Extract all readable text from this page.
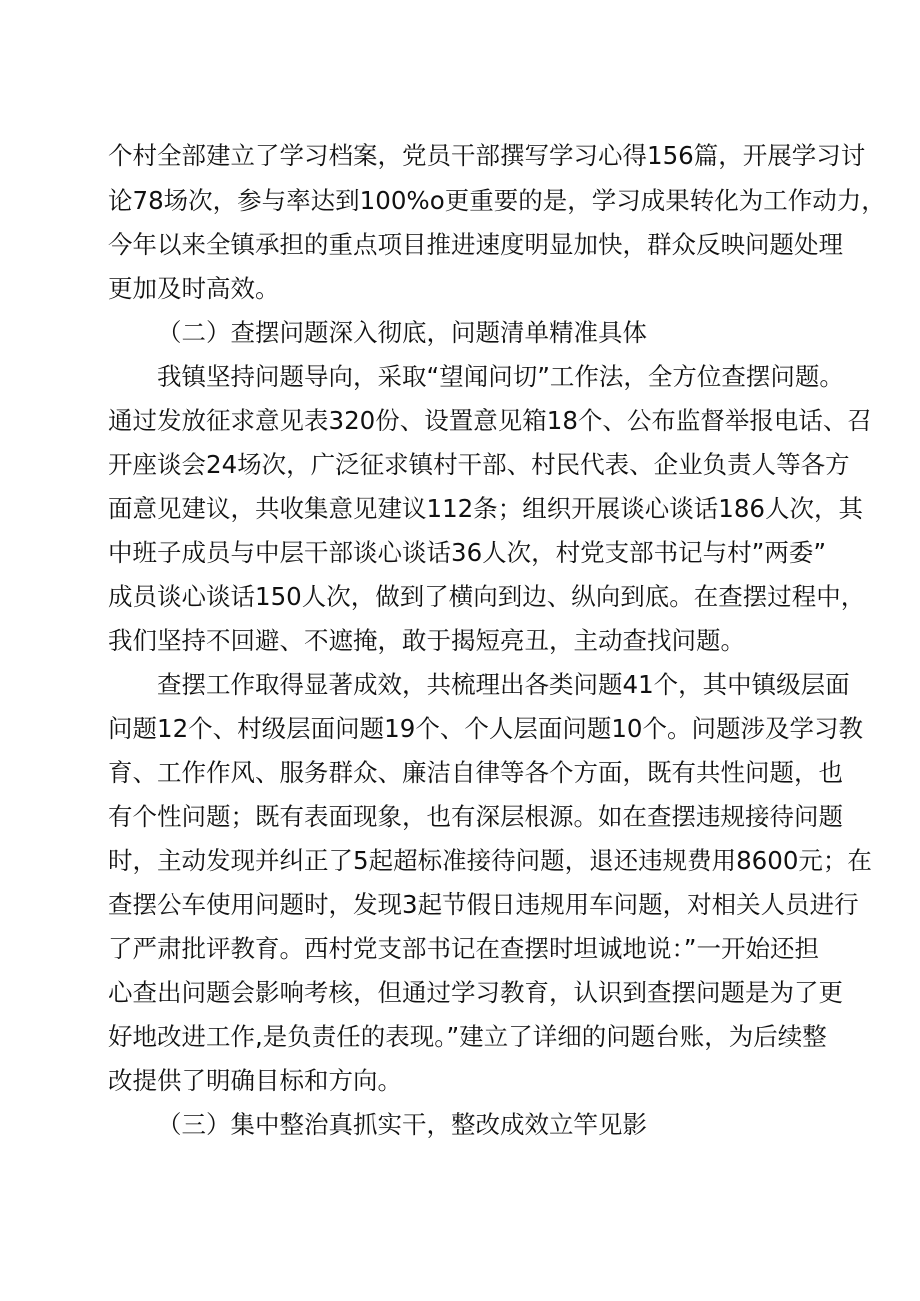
个村全部建立了学习档案，党员干部撰写学习心得156篇，开展学习讨
论78场次，参与率达到100%o更重要的是，学习成果转化为工作动力，
今年以来全镇承担的重点项目推进速度明显加快，群众反映问题处理
更加及时高效。
（二）查摆问题深入彻底，问题清单精准具体
我镇坚持问题导向，采取“望闻问切”工作法，全方位查摆问题。
通过发放征求意见表320份、设置意见箱18个、公布监督举报电话、召
开座谈会24场次，广泛征求镇村干部、村民代表、企业负责人等各方
面意见建议，共收集意见建议112条；组织开展谈心谈话186人次，其
中班子成员与中层干部谈心谈话36人次，村党支部书记与村”两委”
成员谈心谈话150人次，做到了横向到边、纵向到底。在查摆过程中，
我们坚持不回避、不遮掩，敢于揭短亮丑，主动查找问题。
查摆工作取得显著成效，共梳理出各类问题41个，其中镇级层面
问题12个、村级层面问题19个、个人层面问题10个。问题涉及学习教
育、工作作风、服务群众、廉洁自律等各个方面，既有共性问题，也
有个性问题；既有表面现象，也有深层根源。如在查摆违规接待问题
时，主动发现并纠正了5起超标准接待问题，退还违规费用8600元；在
查摆公车使用问题时，发现3起节假日违规用车问题，对相关人员进行
了严肃批评教育。西村党支部书记在查摆时坦诚地说：”一开始还担
心查出问题会影响考核，但通过学习教育，认识到查摆问题是为了更
好地改进工作,是负责任的表现。”建立了详细的问题台账，为后续整
改提供了明确目标和方向。
（三）集中整治真抓实干，整改成效立竿见影
